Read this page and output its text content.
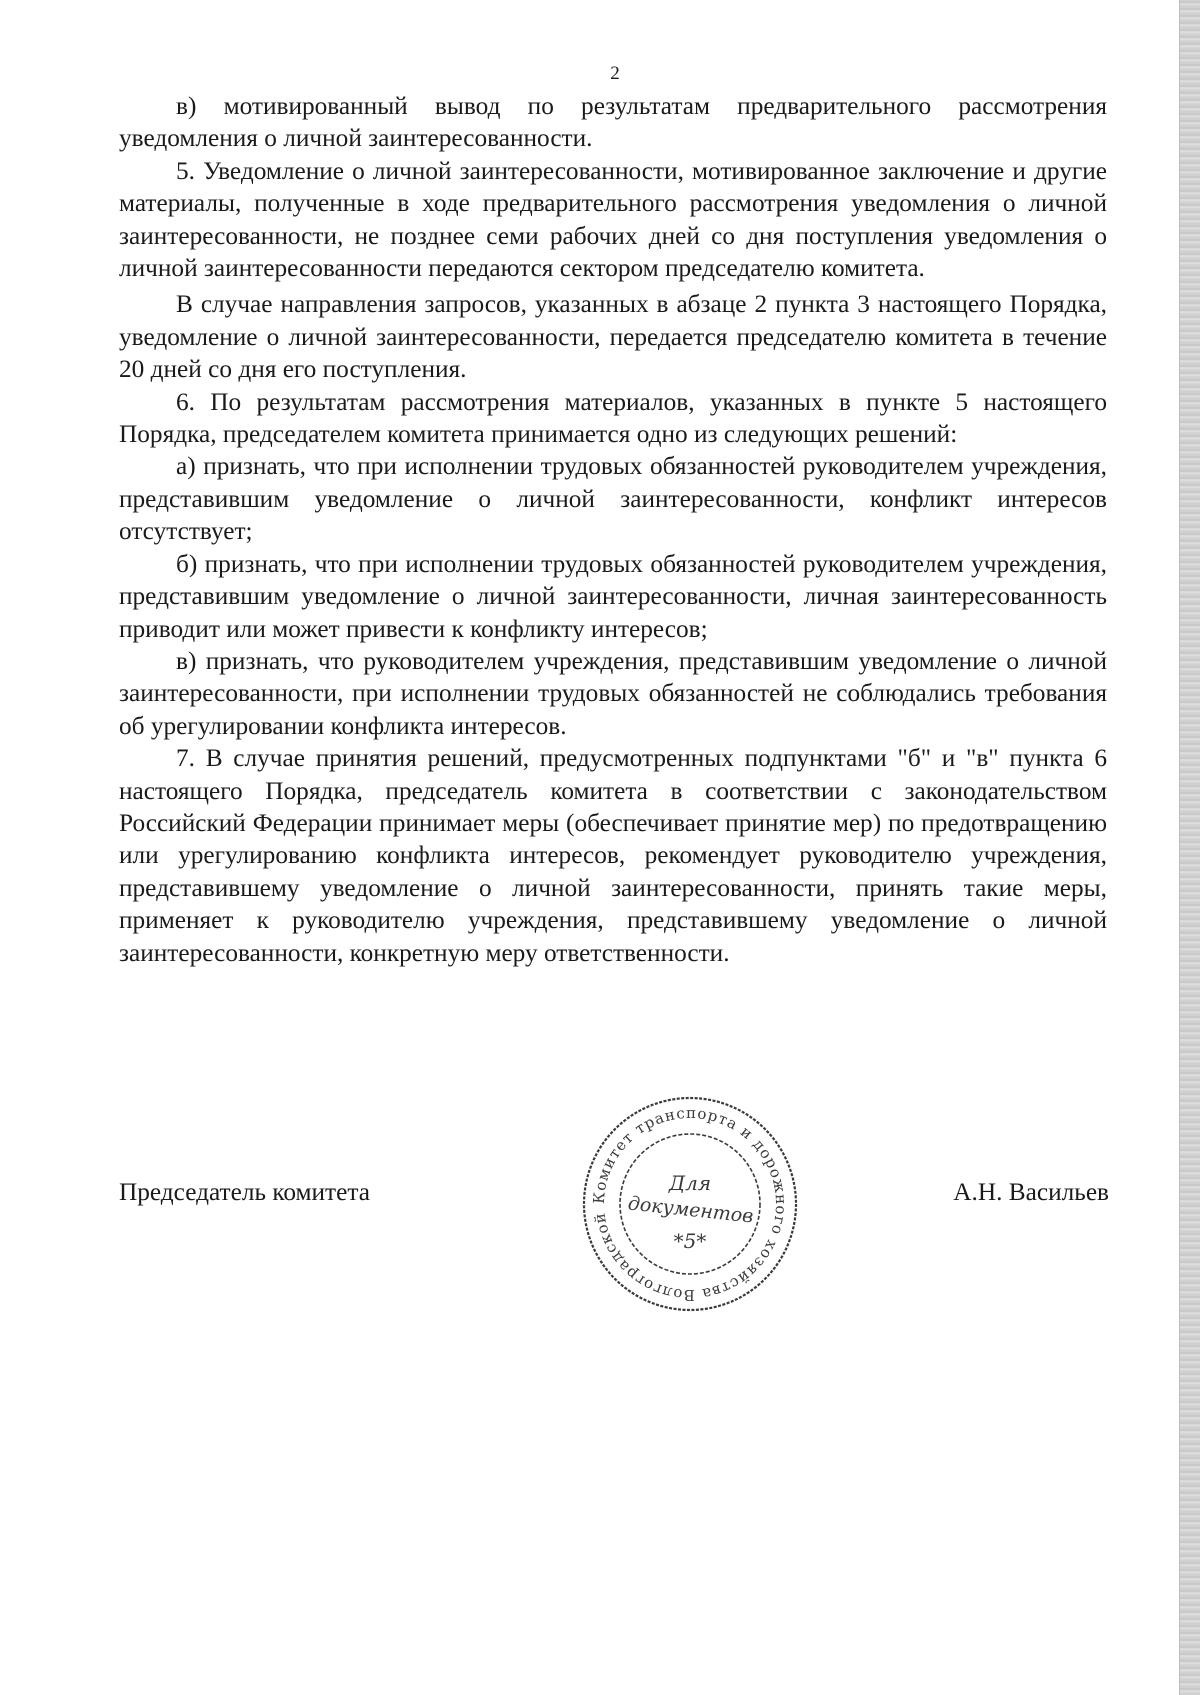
2

в) мотивированный вывод по результатам предварительного рассмотрения уведомления о личной заинтересованности.

5. Уведомление о личной заинтересованности, мотивированное заключение и другие материалы, полученные в ходе предварительного рассмотрения уведомления о личной заинтересованности, не позднее семи рабочих дней со дня поступления уведомления о личной заинтересованности передаются сектором председателю комитета.

В случае направления запросов, указанных в абзаце 2 пункта 3 настоящего Порядка, уведомление о личной заинтересованности, передается председателю комитета в течение 20 дней со дня его поступления.

6. По результатам рассмотрения материалов, указанных в пункте 5 настоящего Порядка, председателем комитета принимается одно из следующих решений:

а) признать, что при исполнении трудовых обязанностей руководителем учреждения, представившим уведомление о личной заинтересованности, конфликт интересов отсутствует;

б) признать, что при исполнении трудовых обязанностей руководителем учреждения, представившим уведомление о личной заинтересованности, личная заинтересованность приводит или может привести к конфликту интересов;

в) признать, что руководителем учреждения, представившим уведомление о личной заинтересованности, при исполнении трудовых обязанностей не соблюдались требования об урегулировании конфликта интересов.

7. В случае принятия решений, предусмотренных подпунктами "б" и "в" пункта 6 настоящего Порядка, председатель комитета в соответствии с законодательством Российский Федерации принимает меры (обеспечивает принятие мер) по предотвращению или урегулированию конфликта интересов, рекомендует руководителю учреждения, представившему уведомление о личной заинтересованности, принять такие меры, применяет к руководителю учреждения, представившему уведомление о личной заинтересованности, конкретную меру ответственности.

Председатель комитета	А.Н. Васильев
Комитет транспорта и дорожного хозяйства Волгоградской
Для
документов
*5*
